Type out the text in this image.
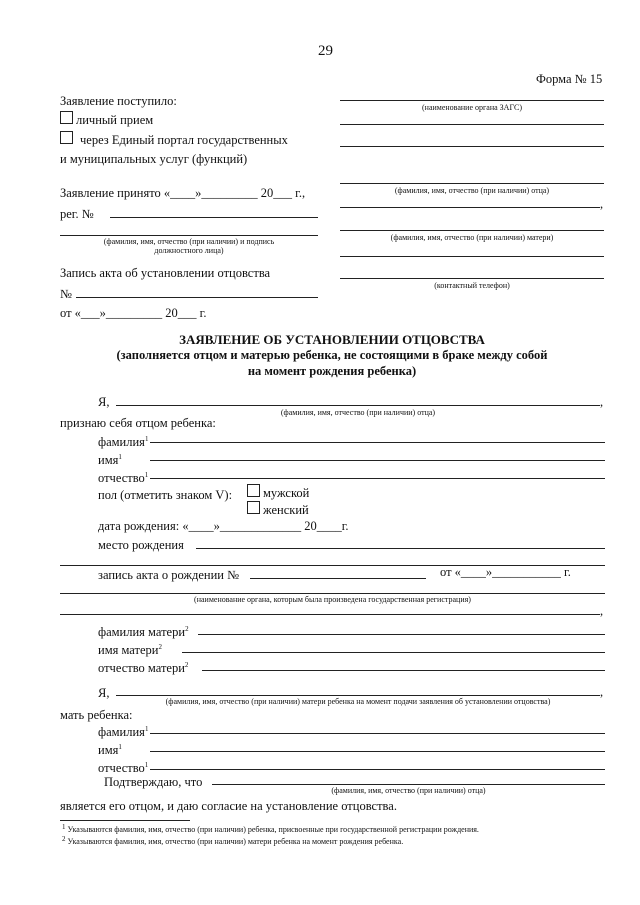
29
Форма № 15
Заявление поступило:
личный прием
через Единый портал государственных
и муниципальных услуг (функций)
Заявление принято «____»_________ 20___ г.,
рег. №
(фамилия, имя, отчество (при наличии) и подпись
должностного лица)
Запись акта об установлении отцовства
№
от «___»_________ 20___ г.
(наименование органа ЗАГС)
(фамилия, имя, отчество (при наличии) отца)
,
(фамилия, имя, отчество (при наличии) матери)
(контактный телефон)
ЗАЯВЛЕНИЕ ОБ УСТАНОВЛЕНИИ ОТЦОВСТВА
(заполняется отцом и матерью ребенка, не состоящими в браке между собой
на момент рождения ребенка)
Я,	,
(фамилия, имя, отчество (при наличии) отца)
признаю себя отцом ребенка:
фамилия$^1$
имя$^1$
отчество$^1$
пол (отметить знаком V): мужской
женский
дата рождения: «____»_____________ 20____г.
место рождения
запись акта о рождении №	от «____»___________ г.
(наименование органа, которым была произведена государственная регистрация)
,
фамилия матери$^2$
имя матери$^2$
отчество матери$^2$
Я,	,
(фамилия, имя, отчество (при наличии) матери ребенка на момент подачи заявления об установлении отцовства)
мать ребенка:
фамилия$^1$
имя$^1$
отчество$^1$
Подтверждаю, что
(фамилия, имя, отчество (при наличии) отца)
является его отцом, и даю согласие на установление отцовства.
$^1$ Указываются фамилия, имя, отчество (при наличии) ребенка, присвоенные при государственной регистрации рождения.
$^2$ Указываются фамилия, имя, отчество (при наличии) матери ребенка на момент рождения ребенка.
